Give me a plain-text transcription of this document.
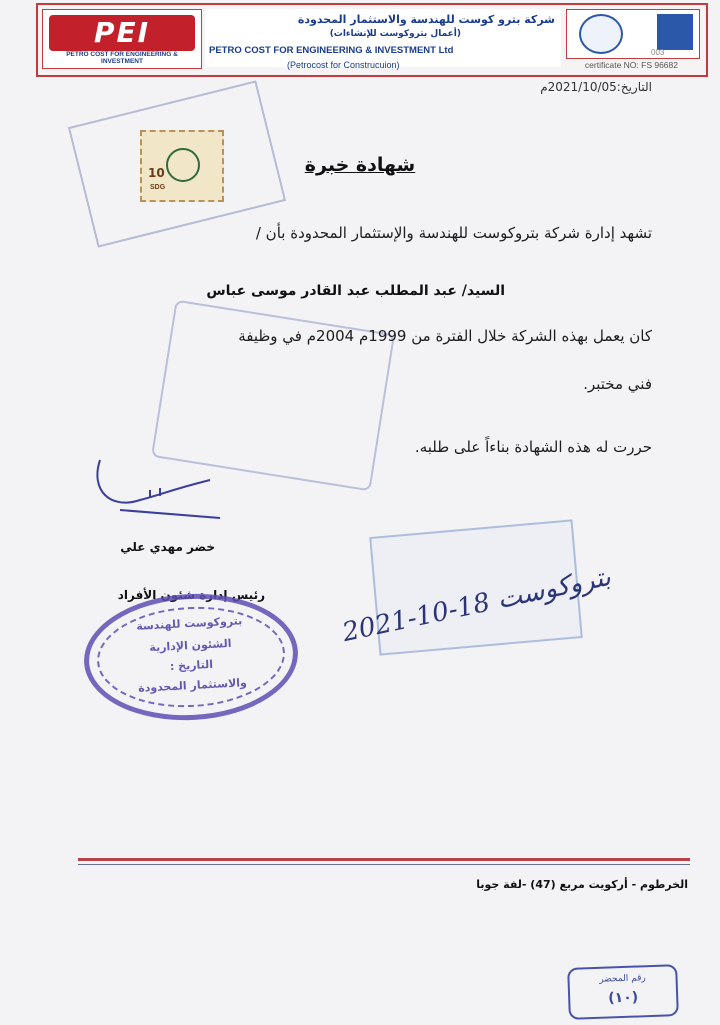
PEI
PETRO COST FOR ENGINEERING & INVESTMENT
شركة بترو كوست للهندسة والاستثمار المحدودة
(أعمال بتروكوست للإنشاءات)
PETRO COST FOR ENGINEERING & INVESTMENT Ltd
(Petrocost for Construcuion)
003
certificate NO: FS 96682
10
SDG
التاريخ:2021/10/05م
شهادة خبرة
تشهد إدارة شركة بتروكوست للهندسة والإستثمار المحدودة بأن /
السيد/ عبد المطلب عبد القادر موسى عباس
كان يعمل بهذه الشركة خلال الفترة من 1999م 2004م في وظيفة
فني مختبر.
حررت له هذه الشهادة بناءاً على طلبه.
خضر مهدي علي
رئيس إدارة شئون الأفراد
بتروكوست للهندسة
الشئون الإدارية
التاريخ :
والاستثمار المحدودة
بتروكوست 18-10-2021
الخرطوم - أركويت مربع (47) -لفة جوبا
رقم المحضر
(١٠)
